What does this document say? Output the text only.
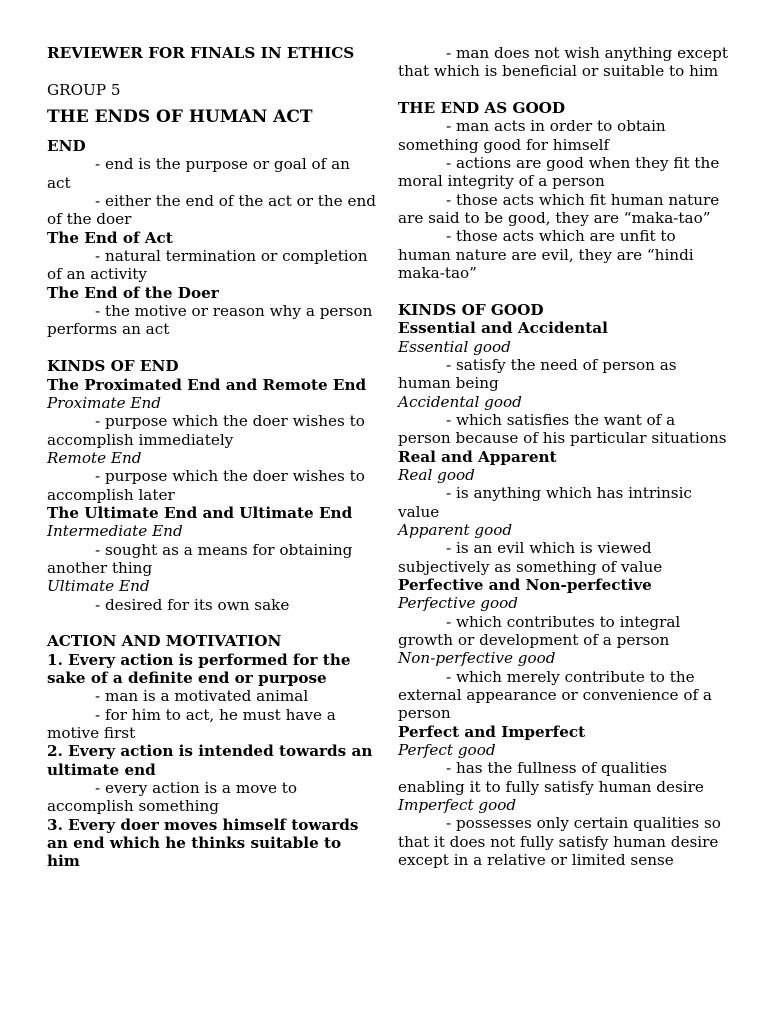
REVIEWER FOR FINALS IN ETHICS
GROUP 5
THE ENDS OF HUMAN ACT
END
- end is the purpose or goal of an act
- either the end of the act or the end of the doer
The End of Act
- natural termination or completion of an activity
The End of the Doer
- the motive or reason why a person performs an act
KINDS OF END
The Proximated End and Remote End
Proximate End
- purpose which the doer wishes to accomplish immediately
Remote End
- purpose which the doer wishes to accomplish later
The Ultimate End and Ultimate End
Intermediate End
- sought as a means for obtaining another thing
Ultimate End
- desired for its own sake
ACTION AND MOTIVATION
1. Every action is performed for the sake of a definite end or purpose
- man is a motivated animal
- for him to act, he must have a motive first
2. Every action is intended towards an ultimate end
- every action is a move to accomplish something
3. Every doer moves himself towards an end which he thinks suitable to him
- man does not wish anything except that which is beneficial or suitable to him
THE END AS GOOD
- man acts in order to obtain something good for himself
- actions are good when they fit the moral integrity of a person
- those acts which fit human nature are said to be good, they are “maka-tao”
- those acts which are unfit to human nature are evil, they are “hindi maka-tao”
KINDS OF GOOD
Essential and Accidental
Essential good
- satisfy the need of person as human being
Accidental good
- which satisfies the want of a person because of his particular situations
Real and Apparent
Real good
- is anything which has intrinsic value
Apparent good
- is an evil which is viewed subjectively as something of value
Perfective and Non-perfective
Perfective good
- which contributes to integral growth or development of a person
Non-perfective good
- which merely contribute to the external appearance or convenience of a person
Perfect and Imperfect
Perfect good
- has the fullness of qualities enabling it to fully satisfy human desire
Imperfect good
- possesses only certain qualities so that it does not fully satisfy human desire except in a relative or limited sense
